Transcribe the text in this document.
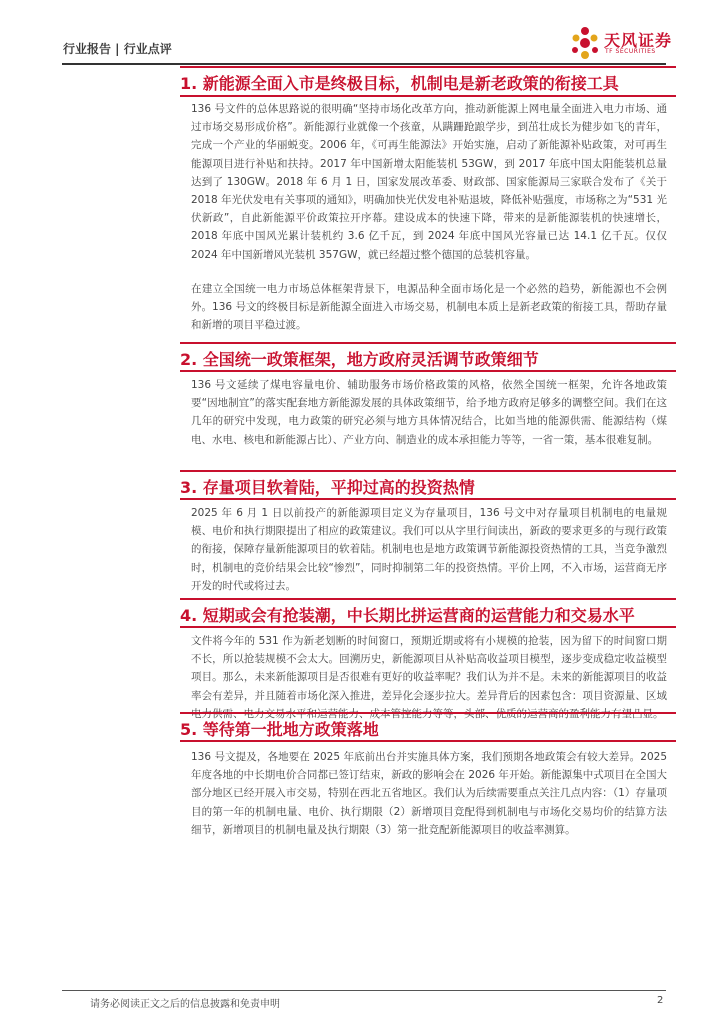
行业报告 | 行业点评	天风证券
TF SECURITIES
1. 新能源全面入市是终极目标，机制电是新老政策的衔接工具
136 号文件的总体思路说的很明确“坚持市场化改革方向，推动新能源上网电量全面进入电力市场、通过市场交易形成价格”。新能源行业就像一个孩童，从蹒跚跄踉学步，到茁壮成长为健步如飞的青年，完成一个产业的华丽蜕变。2006 年，《可再生能源法》开始实施，启动了新能源补贴政策，对可再生能源项目进行补贴和扶持。2017 年中国新增太阳能装机 53GW，到 2017 年底中国太阳能装机总量达到了 130GW。2018 年 6 月 1 日，国家发展改革委、财政部、国家能源局三家联合发布了《关于 2018 年光伏发电有关事项的通知》，明确加快光伏发电补贴退坡，降低补贴强度，市场称之为“531 光伏新政”，自此新能源平价政策拉开序幕。建设成本的快速下降，带来的是新能源装机的快速增长，2018 年底中国风光累计装机约 3.6 亿千瓦，到 2024 年底中国风光容量已达 14.1 亿千瓦。仅仅 2024 年中国新增风光装机 357GW，就已经超过整个德国的总装机容量。
在建立全国统一电力市场总体框架背景下，电源品种全面市场化是一个必然的趋势，新能源也不会例外。136 号文的终极目标是新能源全面进入市场交易，机制电本质上是新老政策的衔接工具，帮助存量和新增的项目平稳过渡。
2. 全国统一政策框架，地方政府灵活调节政策细节
136 号文延续了煤电容量电价、辅助服务市场价格政策的风格，依然全国统一框架，允许各地政策要“因地制宜”的落实配套地方新能源发展的具体政策细节，给予地方政府足够多的调整空间。我们在这几年的研究中发现，电力政策的研究必须与地方具体情况结合，比如当地的能源供需、能源结构（煤电、水电、核电和新能源占比）、产业方向、制造业的成本承担能力等等，一省一策，基本很难复制。
3. 存量项目软着陆，平抑过高的投资热情
2025 年 6 月 1 日以前投产的新能源项目定义为存量项目，136 号文中对存量项目机制电的电量规模、电价和执行期限提出了相应的政策建议。我们可以从字里行间读出，新政的要求更多的与现行政策的衔接，保障存量新能源项目的软着陆。机制电也是地方政策调节新能源投资热情的工具，当竞争激烈时，机制电的竞价结果会比较“惨烈”，同时抑制第二年的投资热情。平价上网，不入市场，运营商无序开发的时代或将过去。
4. 短期或会有抢装潮，中长期比拼运营商的运营能力和交易水平
文件将今年的 531 作为新老划断的时间窗口，预期近期或将有小规模的抢装，因为留下的时间窗口期不长，所以抢装规模不会太大。回溯历史，新能源项目从补贴高收益项目模型，逐步变成稳定收益模型项目。那么，未来新能源项目是否很难有更好的收益率呢？我们认为并不是。未来的新能源项目的收益率会有差异，并且随着市场化深入推进，差异化会逐步拉大。差异背后的因素包含：项目资源量、区域
5. 等待第一批地方政策落地
136 号文提及，各地要在 2025 年底前出台并实施具体方案，我们预期各地政策会有较大差异。2025 年度各地的中长期电价合同都已签订结束，新政的影响会在 2026 年开始。新能源集中式项目在全国大部分地区已经开展入市交易，特别在西北五省地区。我们认为后续需要重点关注几点内容：（1）存量项目的第一年的机制电量、电价、执行期限（2）新增项目竞配得到机制电与市场化交易均价的结算方法细节，新增项目的机制电量及执行期限（3）第一批竞配新能源项目的收益率测算。
请务必阅读正文之后的信息披露和免责申明	2
